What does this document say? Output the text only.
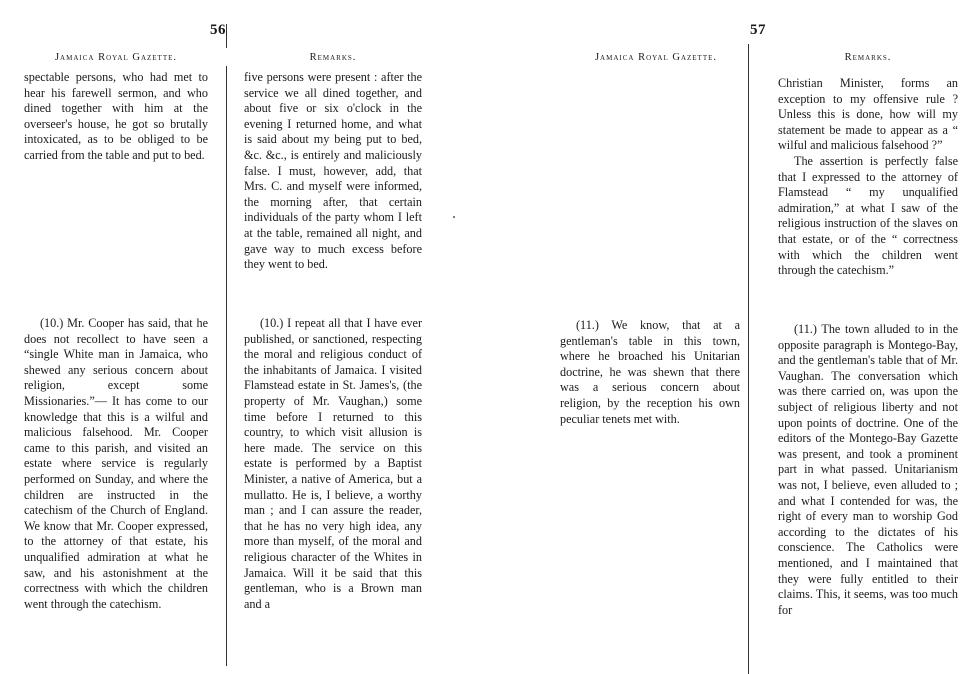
56
Jamaica Royal Gazette.	Remarks.

spectable persons, who had met to hear his farewell sermon, and who dined together with him at the overseer's house, he got so brutally intoxicated, as to be obliged to be carried from the table and put to bed.

five persons were present : after the service we all dined together, and about five or six o'clock in the evening I returned home, and what is said about my being put to bed, &c. &c., is entirely and maliciously false. I must, however, add, that Mrs. C. and myself were informed, the morning after, that certain individuals of the party whom I left at the table, remained all night, and gave way to much excess before they went to bed.

(10.) Mr. Cooper has said, that he does not recollect to have seen a “single White man in Jamaica, who shewed any serious concern about religion, except some Missionaries.”— It has come to our knowledge that this is a wilful and malicious falsehood. Mr. Cooper came to this parish, and visited an estate where service is regularly performed on Sunday, and where the children are instructed in the catechism of the Church of England. We know that Mr. Cooper expressed, to the attorney of that estate, his unqualified admiration at what he saw, and his astonishment at the correctness with which the children went through the catechism.

(10.) I repeat all that I have ever published, or sanctioned, respecting the moral and religious conduct of the inhabitants of Jamaica. I visited Flamstead estate in St. James's, (the property of Mr. Vaughan,) some time before I returned to this country, to which visit allusion is here made. The service on this estate is performed by a Baptist Minister, a native of America, but a mullatto. He is, I believe, a worthy man ; and I can assure the reader, that he has no very high idea, any more than myself, of the moral and religious character of the Whites in Jamaica. Will it be said that this gentleman, who is a Brown man and a

57
Jamaica Royal Gazette.	Remarks.

Christian Minister, forms an exception to my offensive rule ? Unless this is done, how will my statement be made to appear as a “ wilful and malicious falsehood ?”

The assertion is perfectly false that I expressed to the attorney of Flamstead “ my unqualified admiration,” at what I saw of the religious instruction of the slaves on that estate, or of the “ correctness with which the children went through the catechism.”

(11.) We know, that at a gentleman's table in this town, where he broached his Unitarian doctrine, he was shewn that there was a serious concern about religion, by the reception his own peculiar tenets met with.

(11.) The town alluded to in the opposite paragraph is Montego-Bay, and the gentleman's table that of Mr. Vaughan. The conversation which was there carried on, was upon the subject of religious liberty and not upon points of doctrine. One of the editors of the Montego-Bay Gazette was present, and took a prominent part in what passed. Unitarianism was not, I believe, even alluded to ; and what I contended for was, the right of every man to worship God according to the dictates of his conscience. The Catholics were mentioned, and I maintained that they were fully entitled to their claims. This, it seems, was too much for
